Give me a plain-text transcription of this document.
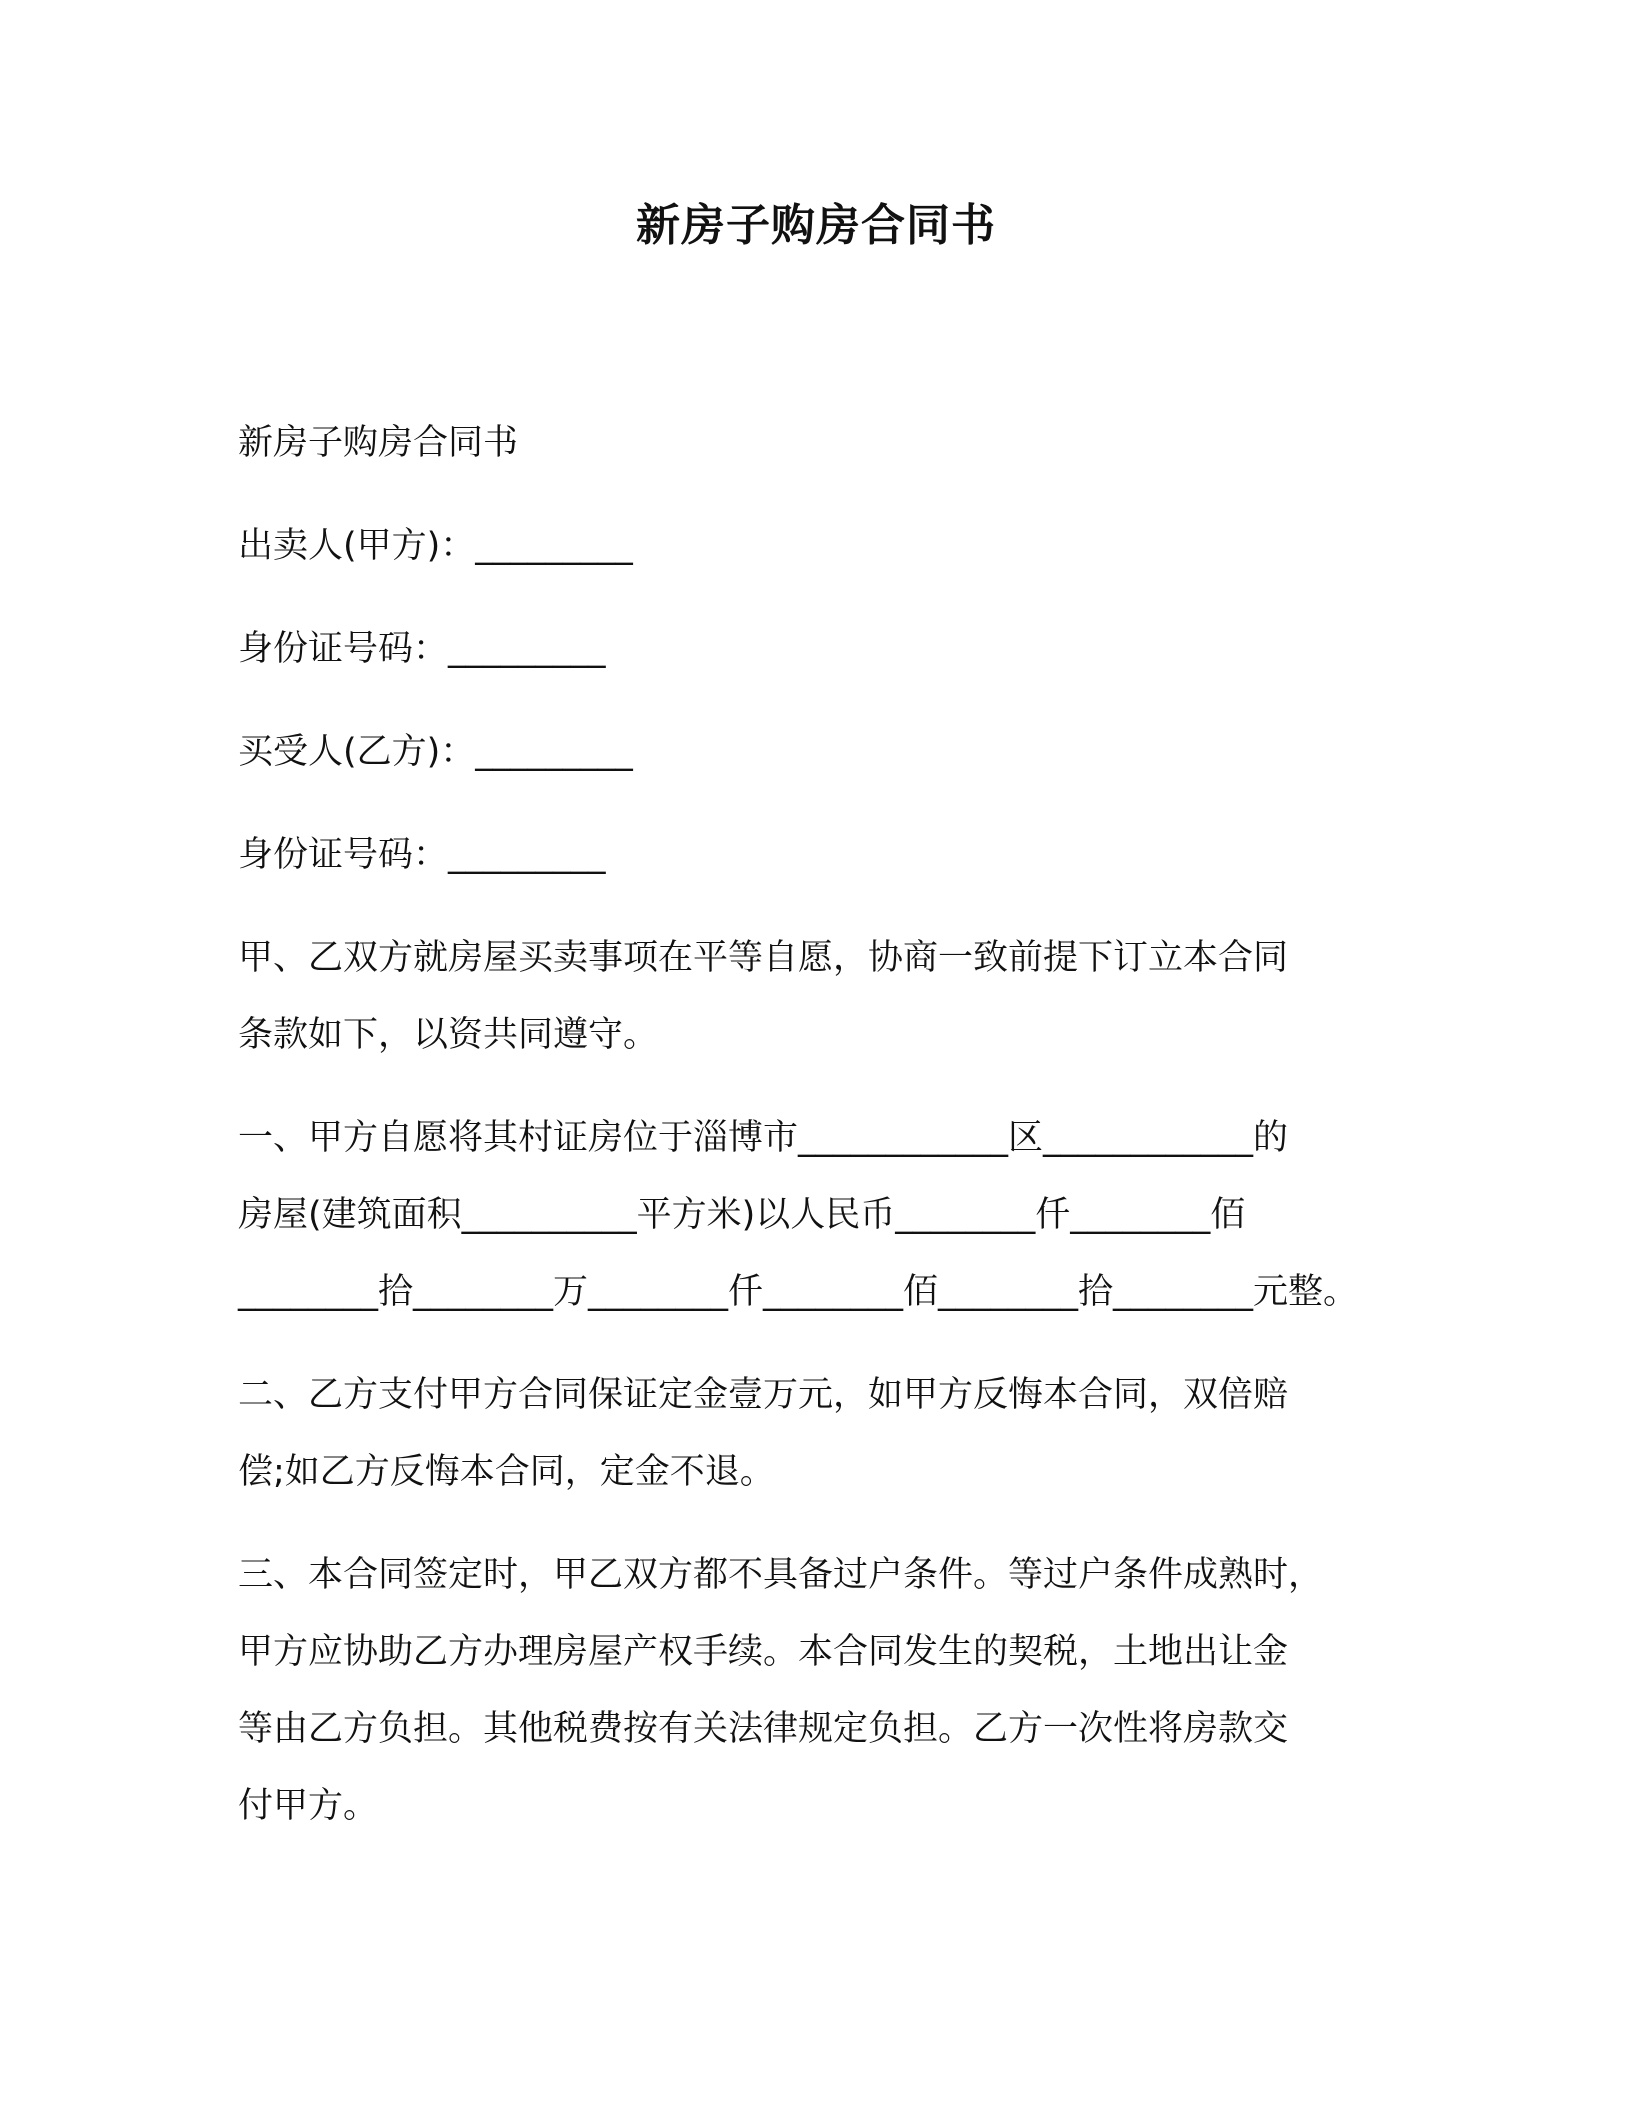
新房子购房合同书

新房子购房合同书

出卖人(甲方)：_________

身份证号码：_________

买受人(乙方)：_________

身份证号码：_________

甲、乙双方就房屋买卖事项在平等自愿，协商一致前提下订立本合同

条款如下，以资共同遵守。

一、甲方自愿将其村证房位于淄博市____________区____________的

房屋(建筑面积__________平方米)以人民币________仟________佰

________拾________万________仟________佰________拾________元整。

二、乙方支付甲方合同保证定金壹万元，如甲方反悔本合同，双倍赔

偿;如乙方反悔本合同，定金不退。

三、本合同签定时，甲乙双方都不具备过户条件。等过户条件成熟时，

甲方应协助乙方办理房屋产权手续。本合同发生的契税，土地出让金

等由乙方负担。其他税费按有关法律规定负担。乙方一次性将房款交

付甲方。
